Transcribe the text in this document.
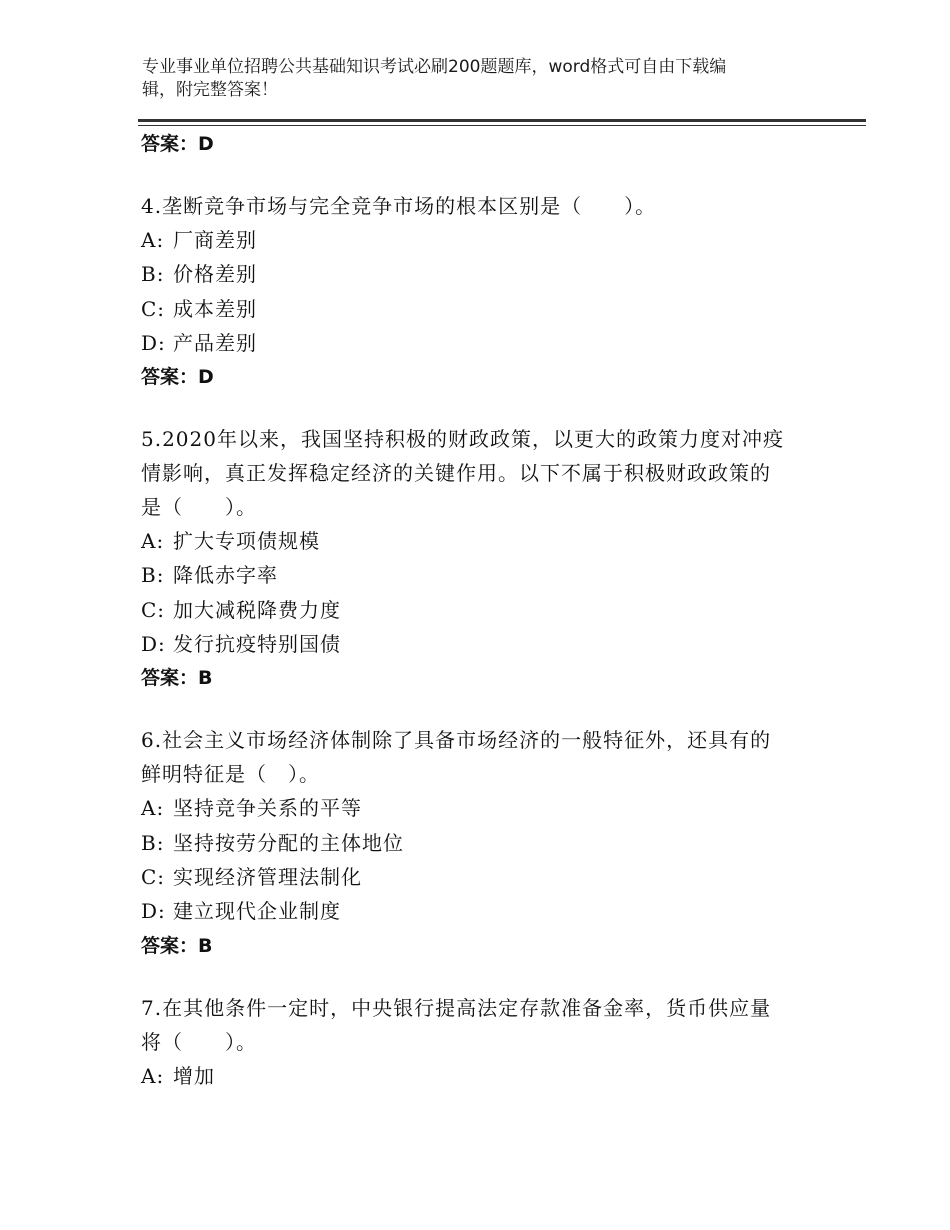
专业事业单位招聘公共基础知识考试必刷200题题库，word格式可自由下载编
辑，附完整答案！

答案：D

4.垄断竞争市场与完全竞争市场的根本区别是（　　）。

A: 厂商差别

B: 价格差别

C: 成本差别

D: 产品差别

答案：D

5.2020年以来，我国坚持积极的财政政策，以更大的政策力度对冲疫

情影响，真正发挥稳定经济的关键作用。以下不属于积极财政政策的

是（　　）。

A: 扩大专项债规模

B: 降低赤字率

C: 加大减税降费力度

D: 发行抗疫特别国债

答案：B

6.社会主义市场经济体制除了具备市场经济的一般特征外，还具有的

鲜明特征是（　）。

A: 坚持竞争关系的平等

B: 坚持按劳分配的主体地位

C: 实现经济管理法制化

D: 建立现代企业制度

答案：B

7.在其他条件一定时，中央银行提高法定存款准备金率，货币供应量

将（　　）。

A: 增加
